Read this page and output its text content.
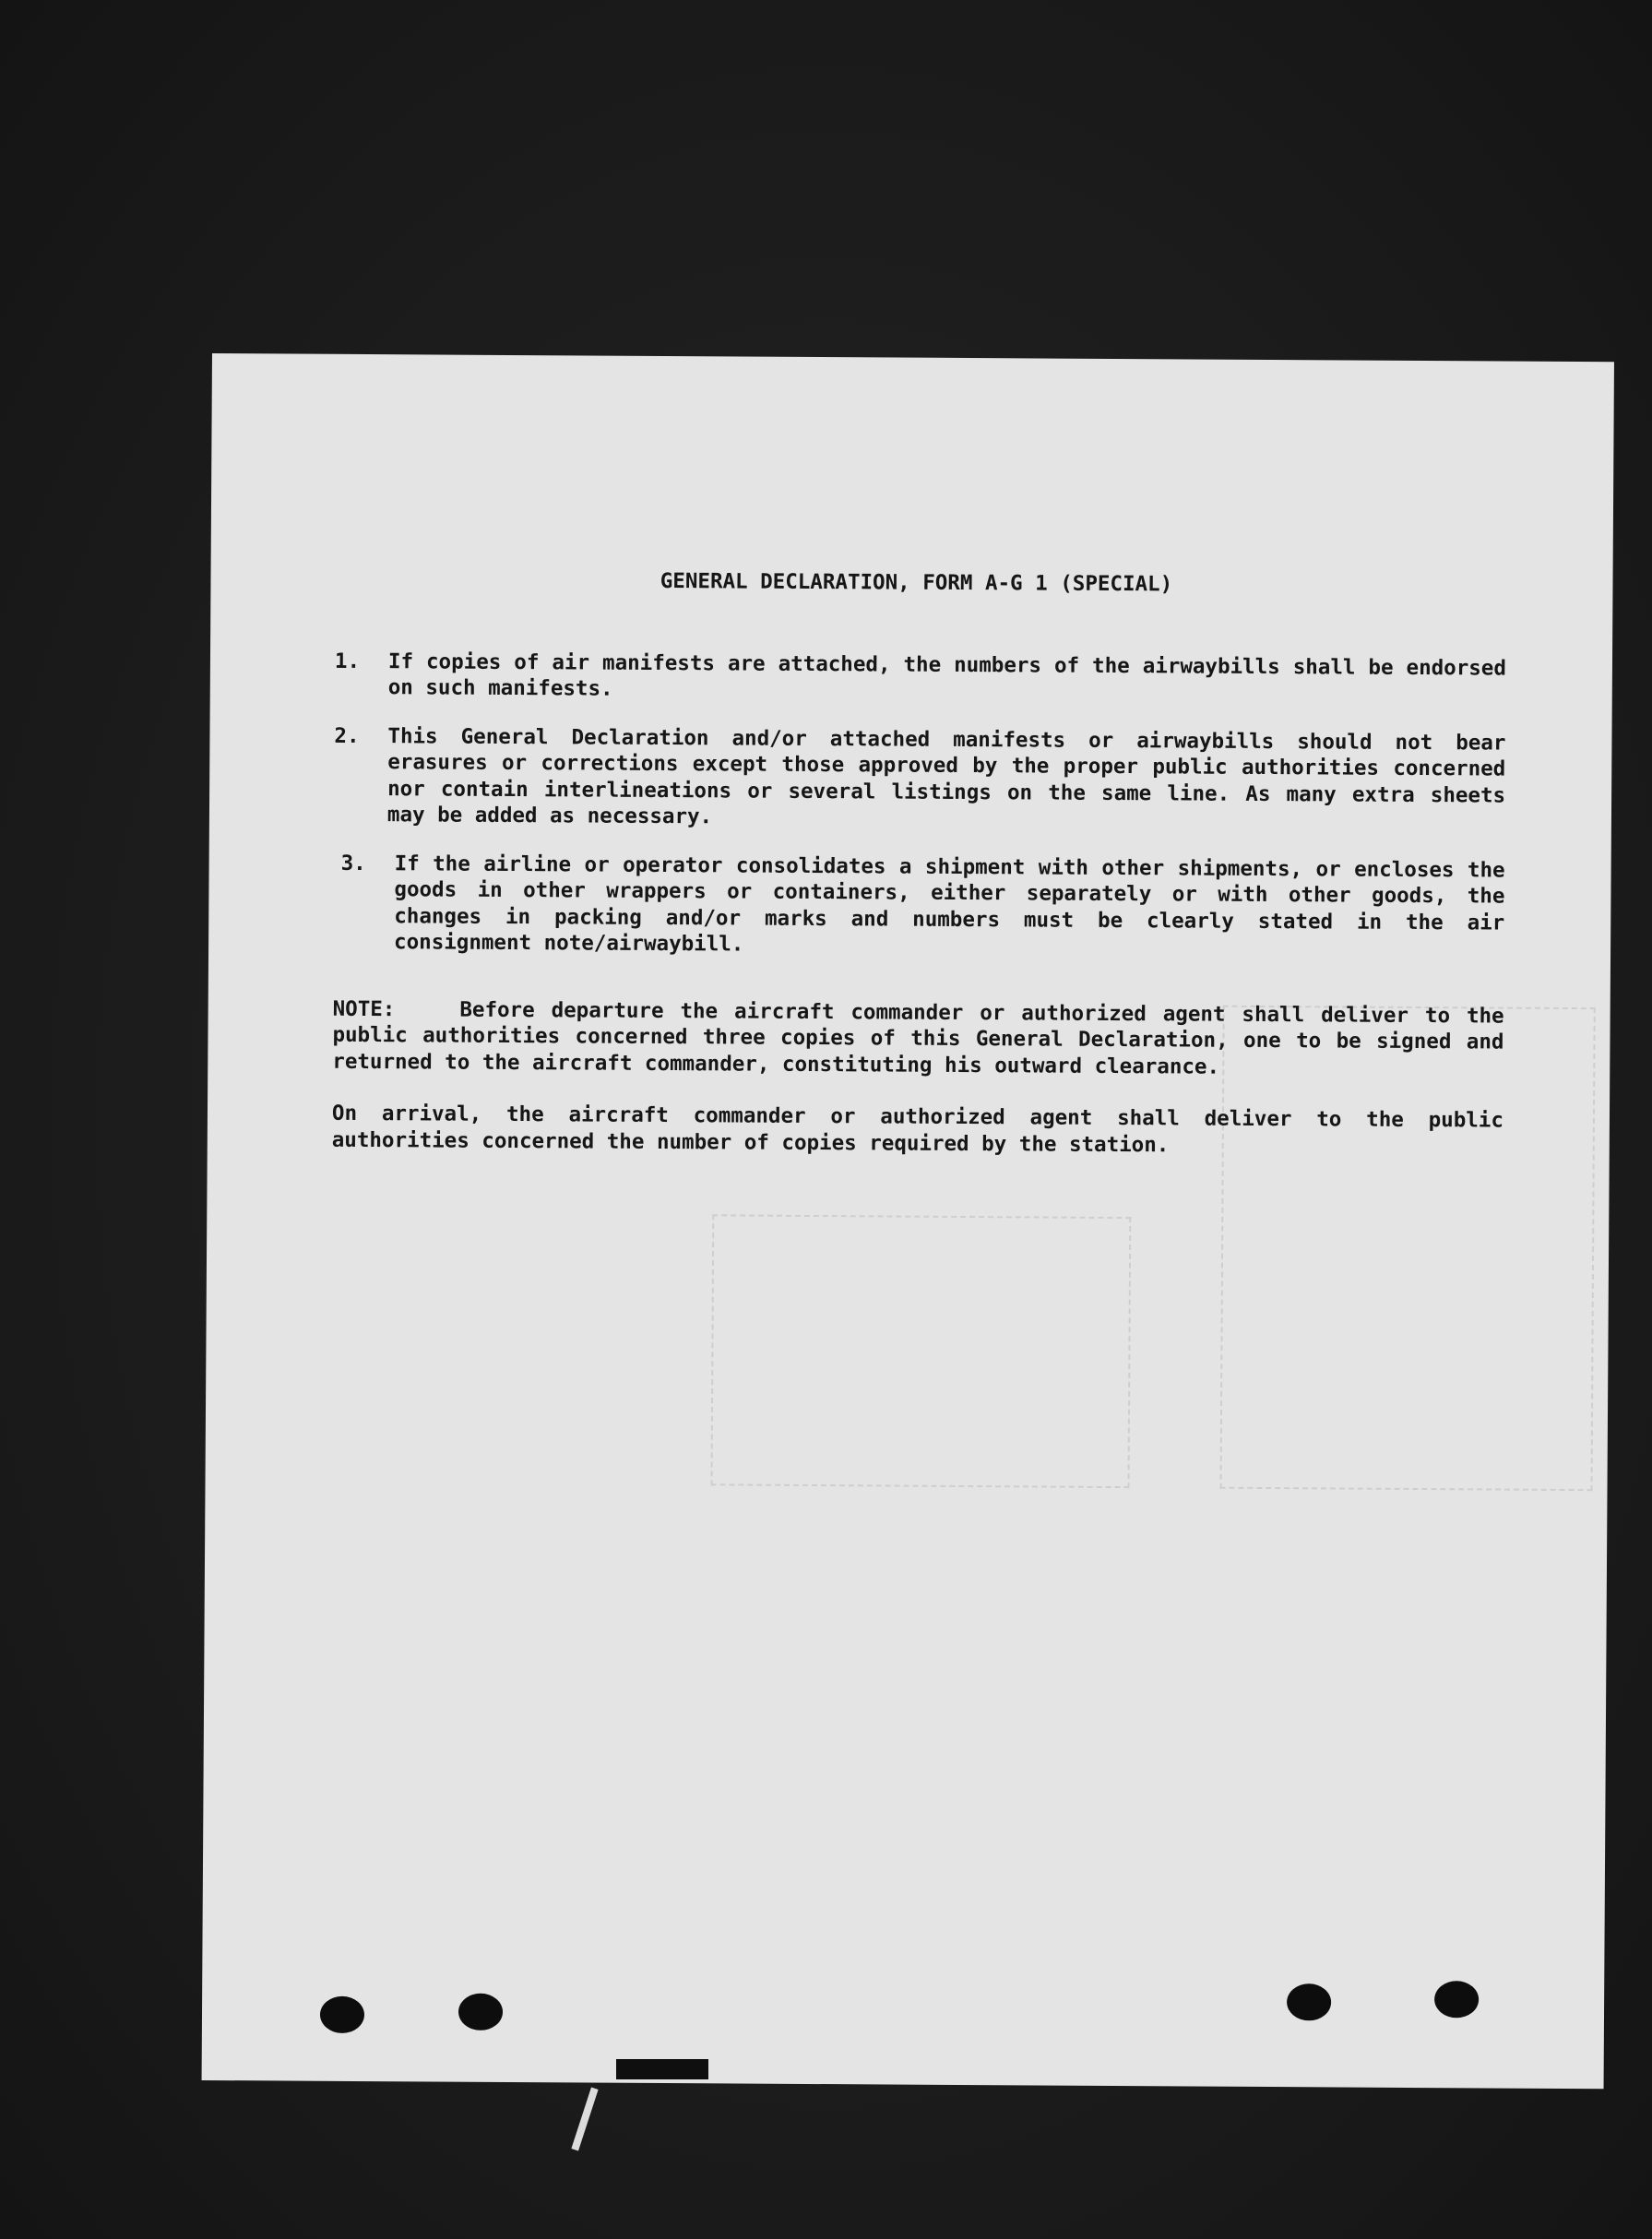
GENERAL DECLARATION, FORM A-G 1 (SPECIAL)
1.	If copies of air manifests are attached, the numbers of the airwaybills shall be endorsed on such manifests.
2.	This General Declaration and/or attached manifests or airwaybills should not bear erasures or corrections except those approved by the proper public authorities concerned nor contain interlineations or several listings on the same line. As many extra sheets may be added as necessary.
3.	If the airline or operator consolidates a shipment with other shipments, or encloses the goods in other wrappers or containers, either separately or with other goods, the changes in packing and/or marks and numbers must be clearly stated in the air consignment note/airwaybill.
NOTE:	Before departure the aircraft commander or authorized agent shall deliver to the public authorities concerned three copies of this General Declaration, one to be signed and returned to the aircraft commander, constituting his outward clearance.
On arrival, the aircraft commander or authorized agent shall deliver to the public authorities concerned the number of copies required by the station.
